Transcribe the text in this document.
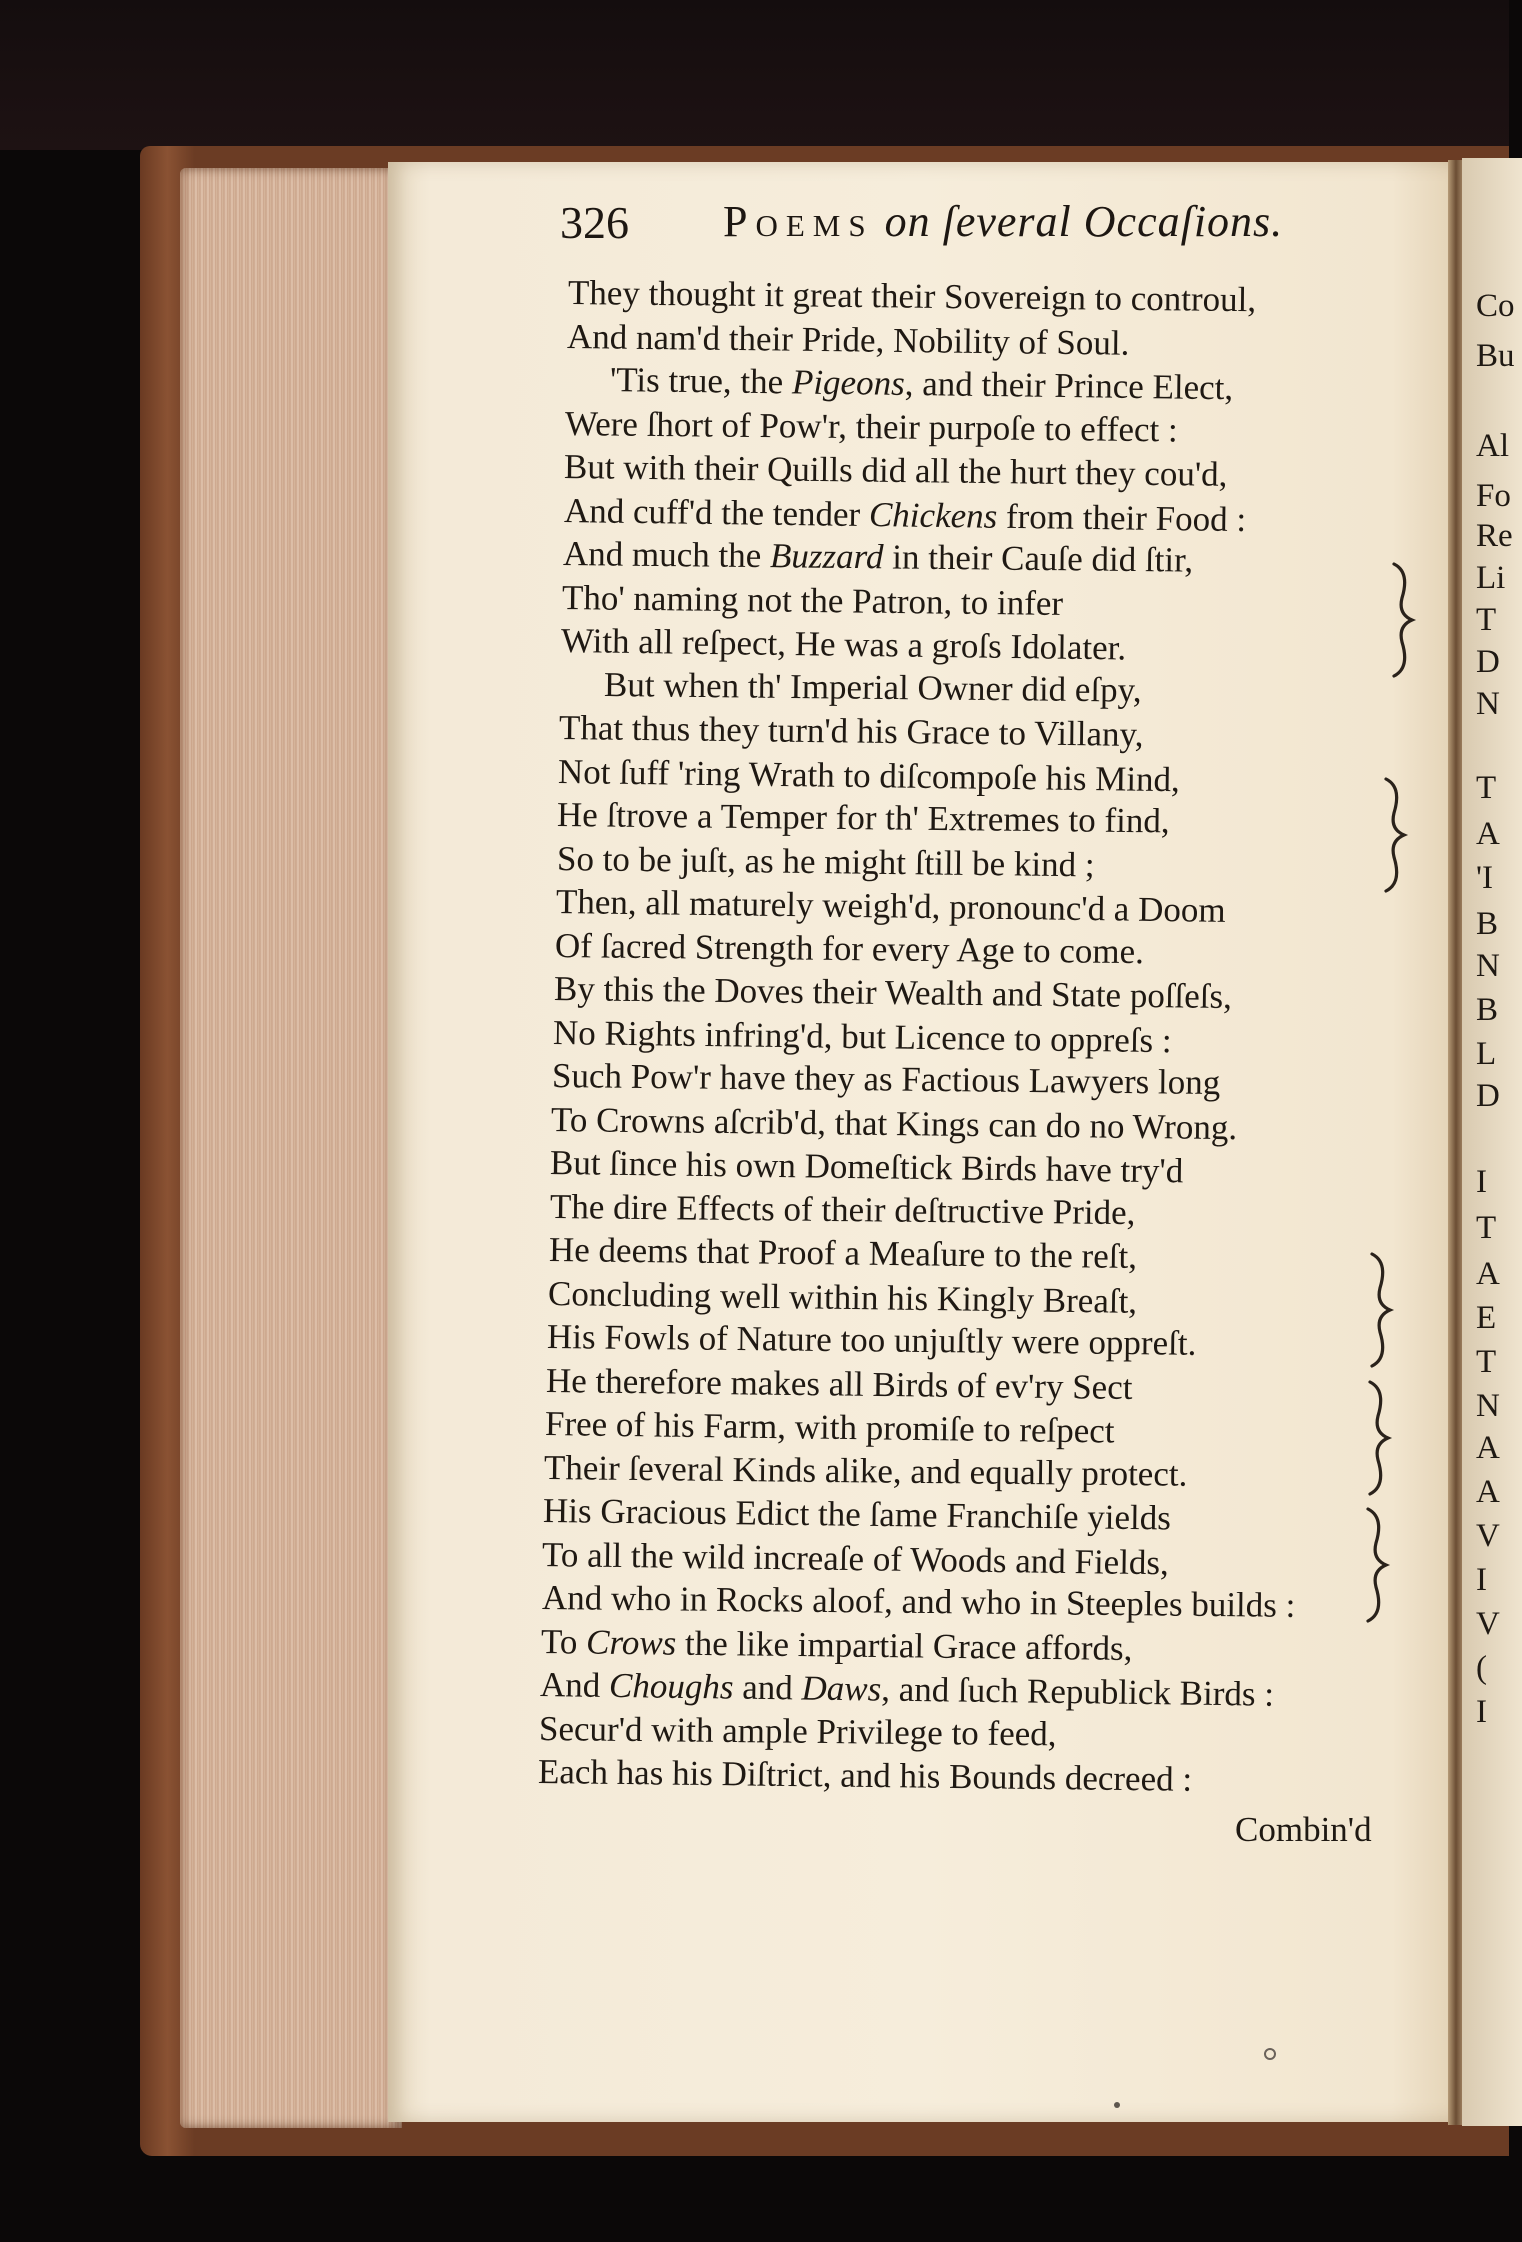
Co
Bu
Al
Fo
Re
Li
T
D
N
T
A
'I
B
N
B
L
D
I
T
A
E
T
N
A
A
V
I
V
(
I
326 Poems on ſeveral Occaſions.
They thought it great their Sovereign to controul,
And nam'd their Pride, Nobility of Soul.
'Tis true, the Pigeons, and their Prince Elect,
Were ſhort of Pow'r, their purpoſe to effect :
But with their Quills did all the hurt they cou'd,
And cuff'd the tender Chickens from their Food :
And much the Buzzard in their Cauſe did ſtir,
Tho' naming not the Patron, to infer
With all reſpect, He was a groſs Idolater.
But when th' Imperial Owner did eſpy,
That thus they turn'd his Grace to Villany,
Not ſuff 'ring Wrath to diſcompoſe his Mind,
He ſtrove a Temper for th' Extremes to find,
So to be juſt, as he might ſtill be kind ;
Then, all maturely weigh'd, pronounc'd a Doom
Of ſacred Strength for every Age to come.
By this the Doves their Wealth and State poſſeſs,
No Rights infring'd, but Licence to oppreſs :
Such Pow'r have they as Factious Lawyers long
To Crowns aſcrib'd, that Kings can do no Wrong.
But ſince his own Domeſtick Birds have try'd
The dire Effects of their deſtructive Pride,
He deems that Proof a Meaſure to the reſt,
Concluding well within his Kingly Breaſt,
His Fowls of Nature too unjuſtly were oppreſt.
He therefore makes all Birds of ev'ry Sect
Free of his Farm, with promiſe to reſpect
Their ſeveral Kinds alike, and equally protect.
His Gracious Edict the ſame Franchiſe yields
To all the wild increaſe of Woods and Fields,
And who in Rocks aloof, and who in Steeples builds :
To Crows the like impartial Grace affords,
And Choughs and Daws, and ſuch Republick Birds :
Secur'd with ample Privilege to feed,
Each has his Diſtrict, and his Bounds decreed :
Combin'd
